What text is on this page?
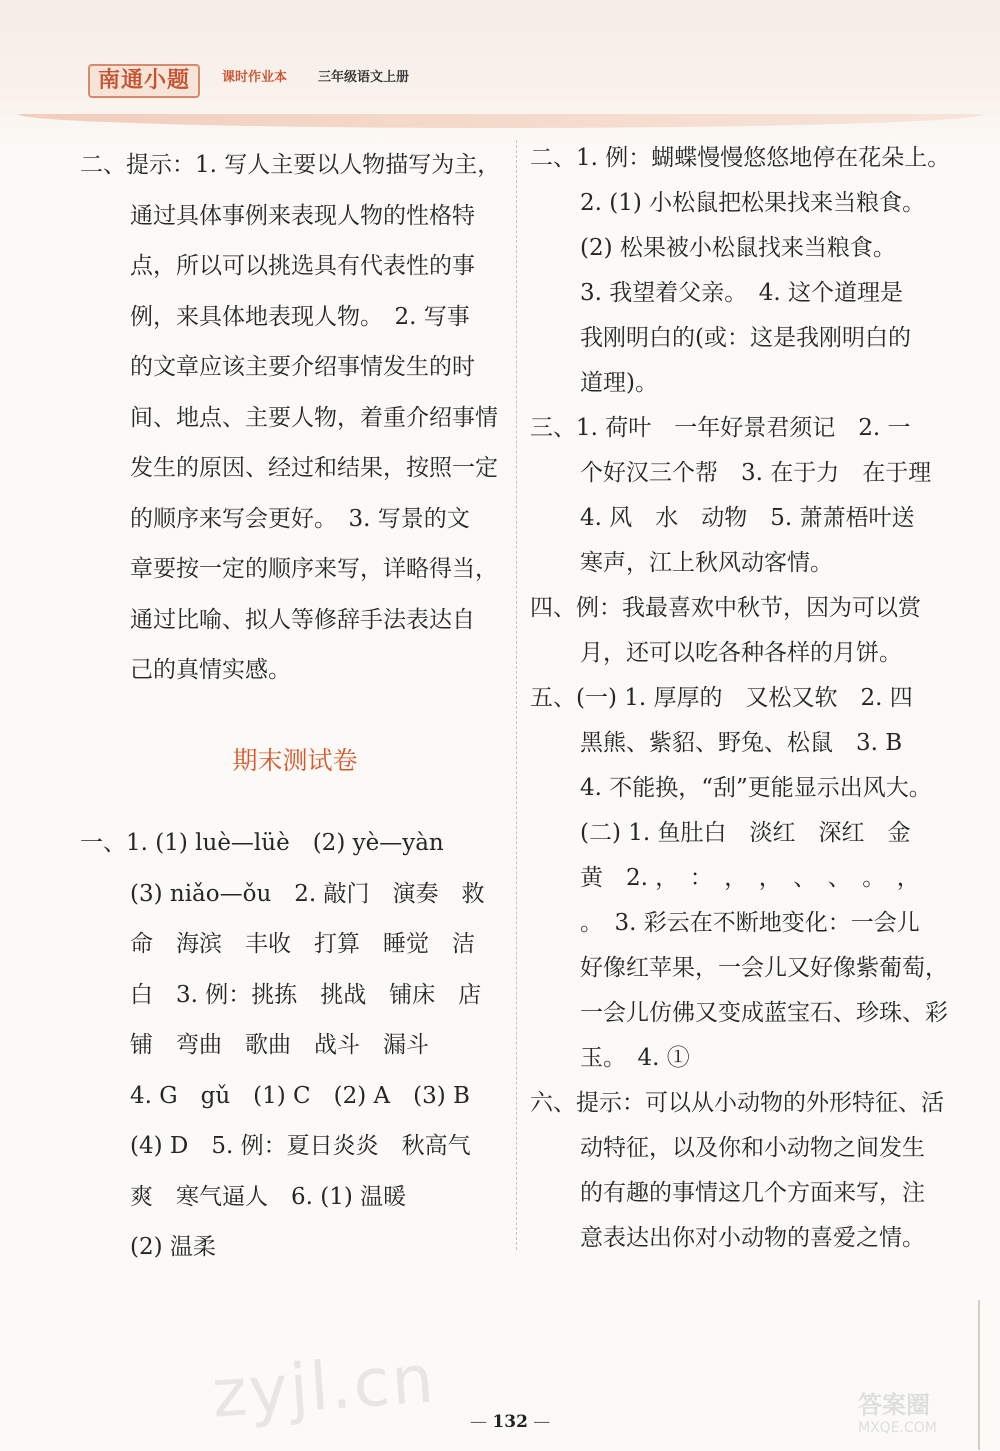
南通小题	课时作业本 三年级语文上册
二、提示：1. 写人主要以人物描写为主，
通过具体事例来表现人物的性格特
点，所以可以挑选具有代表性的事
例，来具体地表现人物。　2. 写事
的文章应该主要介绍事情发生的时
间、地点、主要人物，着重介绍事情
发生的原因、经过和结果，按照一定
的顺序来写会更好。　3. 写景的文
章要按一定的顺序来写，详略得当，
通过比喻、拟人等修辞手法表达自
己的真情实感。
期末测试卷
一、1. (1) luè—lüè　(2) yè—yàn
(3) niǎo—ǒu　2. 敲门　演奏　救
命　海滨　丰收　打算　睡觉　洁
白　3. 例：挑拣　挑战　铺床　店
铺　弯曲　歌曲　战斗　漏斗
4. G　gǔ　(1) C　(2) A　(3) B
(4) D　5. 例：夏日炎炎　秋高气
爽　寒气逼人　6. (1) 温暖
(2) 温柔
二、1. 例：蝴蝶慢慢悠悠地停在花朵上。
2. (1) 小松鼠把松果找来当粮食。
(2) 松果被小松鼠找来当粮食。
3. 我望着父亲。　4. 这个道理是
我刚明白的(或：这是我刚明白的
道理)。
三、1. 荷叶　一年好景君须记　2. 一
个好汉三个帮　3. 在于力　在于理
4. 风　水　动物　5. 萧萧梧叶送
寒声，江上秋风动客情。
四、例：我最喜欢中秋节，因为可以赏
月，还可以吃各种各样的月饼。
五、(一) 1. 厚厚的　又松又软　2. 四
黑熊、紫貂、野兔、松鼠　3. B
4. 不能换，“刮”更能显示出风大。
(二) 1. 鱼肚白　淡红　深红　金
黄　2. ，　：　，　，　、　、　。　，
。　3. 彩云在不断地变化：一会儿
好像红苹果，一会儿又好像紫葡萄，
一会儿仿佛又变成蓝宝石、珍珠、彩
玉。　4. ①
六、提示：可以从小动物的外形特征、活
动特征，以及你和小动物之间发生
的有趣的事情这几个方面来写，注
意表达出你对小动物的喜爱之情。
zyjl.cn — 132 —
答案圈
MXQE.COM
